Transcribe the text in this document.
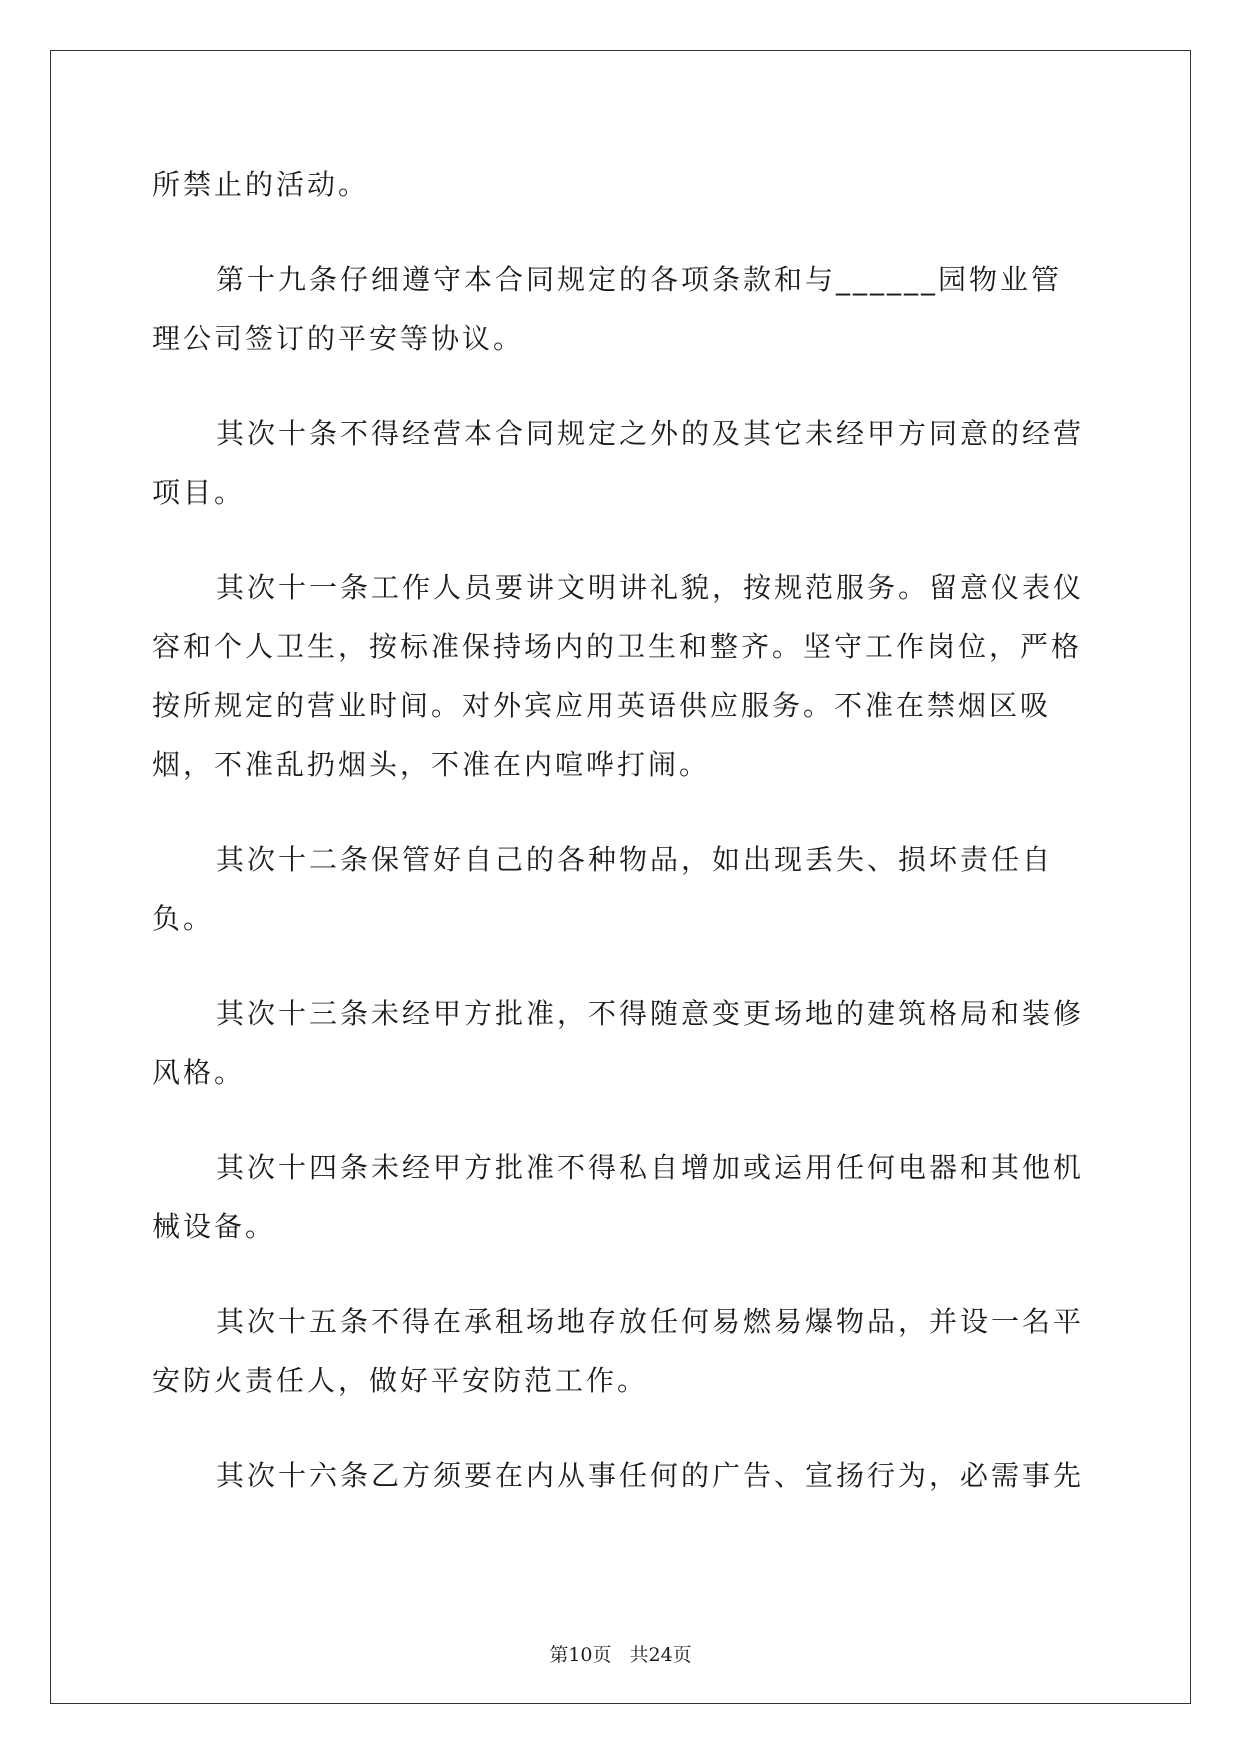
所禁止的活动。

第十九条仔细遵守本合同规定的各项条款和与______园物业管理公司签订的平安等协议。

其次十条不得经营本合同规定之外的及其它未经甲方同意的经营项目。

其次十一条工作人员要讲文明讲礼貌，按规范服务。留意仪表仪容和个人卫生，按标准保持场内的卫生和整齐。坚守工作岗位，严格按所规定的营业时间。对外宾应用英语供应服务。不准在禁烟区吸烟，不准乱扔烟头，不准在内喧哗打闹。

其次十二条保管好自己的各种物品，如出现丢失、损坏责任自负。

其次十三条未经甲方批准，不得随意变更场地的建筑格局和装修风格。

其次十四条未经甲方批准不得私自增加或运用任何电器和其他机械设备。

其次十五条不得在承租场地存放任何易燃易爆物品，并设一名平安防火责任人，做好平安防范工作。

其次十六条乙方须要在内从事任何的广告、宣扬行为，必需事先

第10页 共24页
